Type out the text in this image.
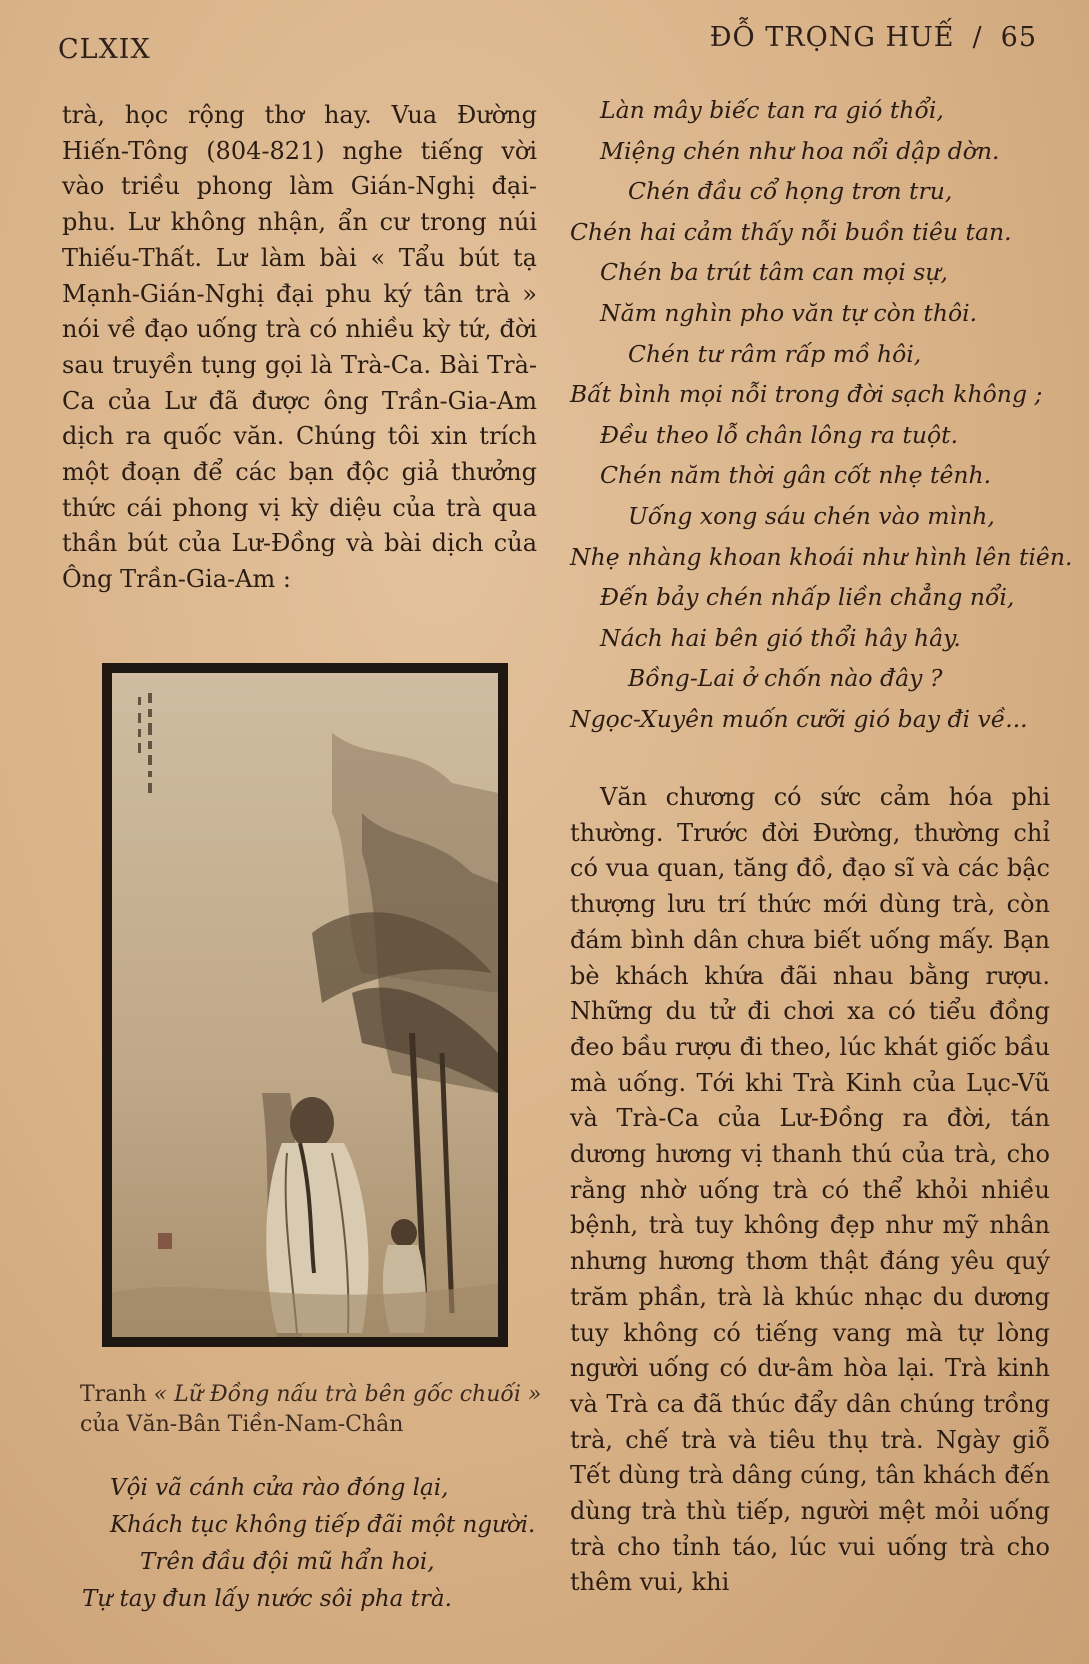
CLXIX	ĐỖ TRỌNG HUẾ / 65

trà, học rộng thơ hay. Vua Đường Hiến-Tông (804-821) nghe tiếng vời vào triều phong làm Gián-Nghị đại-phu. Lư không nhận, ẩn cư trong núi Thiếu-Thất. Lư làm bài « Tẩu bút tạ Mạnh-Gián-Nghị đại phu ký tân trà » nói về đạo uống trà có nhiều kỳ tứ, đời sau truyền tụng gọi là Trà-Ca. Bài Trà-Ca của Lư đã được ông Trần-Gia-Am dịch ra quốc văn. Chúng tôi xin trích một đoạn để các bạn độc giả thưởng thức cái phong vị kỳ diệu của trà qua thần bút của Lư-Đồng và bài dịch của Ông Trần-Gia-Am :

Tranh « Lữ Đồng nấu trà bên gốc chuối » của Văn-Bân Tiền-Nam-Chân
Vội vã cánh cửa rào đóng lại,
Khách tục không tiếp đãi một người.
Trên đầu đội mũ hẩn hoi,
Tự tay đun lấy nước sôi pha trà.
Làn mây biếc tan ra gió thổi,
Miệng chén như hoa nổi dập dờn.
Chén đầu cổ họng trơn tru,
Chén hai cảm thấy nỗi buồn tiêu tan.
Chén ba trút tâm can mọi sự,
Năm nghìn pho văn tự còn thôi.
Chén tư râm rấp mồ hôi,
Bất bình mọi nỗi trong đời sạch không ;
Đều theo lỗ chân lông ra tuột.
Chén năm thời gân cốt nhẹ tênh.
Uống xong sáu chén vào mình,
Nhẹ nhàng khoan khoái như hình lên tiên.
Đến bảy chén nhấp liền chẳng nổi,
Nách hai bên gió thổi hây hây.
Bồng-Lai ở chốn nào đây ?
Ngọc-Xuyên muốn cưỡi gió bay đi về...

Văn chương có sức cảm hóa phi thường. Trước đời Đường, thường chỉ có vua quan, tăng đồ, đạo sĩ và các bậc thượng lưu trí thức mới dùng trà, còn đám bình dân chưa biết uống mấy. Bạn bè khách khứa đãi nhau bằng rượu. Những du tử đi chơi xa có tiểu đồng đeo bầu rượu đi theo, lúc khát giốc bầu mà uống. Tới khi Trà Kinh của Lục-Vũ và Trà-Ca của Lư-Đồng ra đời, tán dương hương vị thanh thú của trà, cho rằng nhờ uống trà có thể khỏi nhiều bệnh, trà tuy không đẹp như mỹ nhân nhưng hương thơm thật đáng yêu quý trăm phần, trà là khúc nhạc du dương tuy không có tiếng vang mà tự lòng người uống có dư-âm hòa lại. Trà kinh và Trà ca đã thúc đẩy dân chúng trồng trà, chế trà và tiêu thụ trà. Ngày giỗ Tết dùng trà dâng cúng, tân khách đến dùng trà thù tiếp, người mệt mỏi uống trà cho tỉnh táo, lúc vui uống trà cho thêm vui, khi
